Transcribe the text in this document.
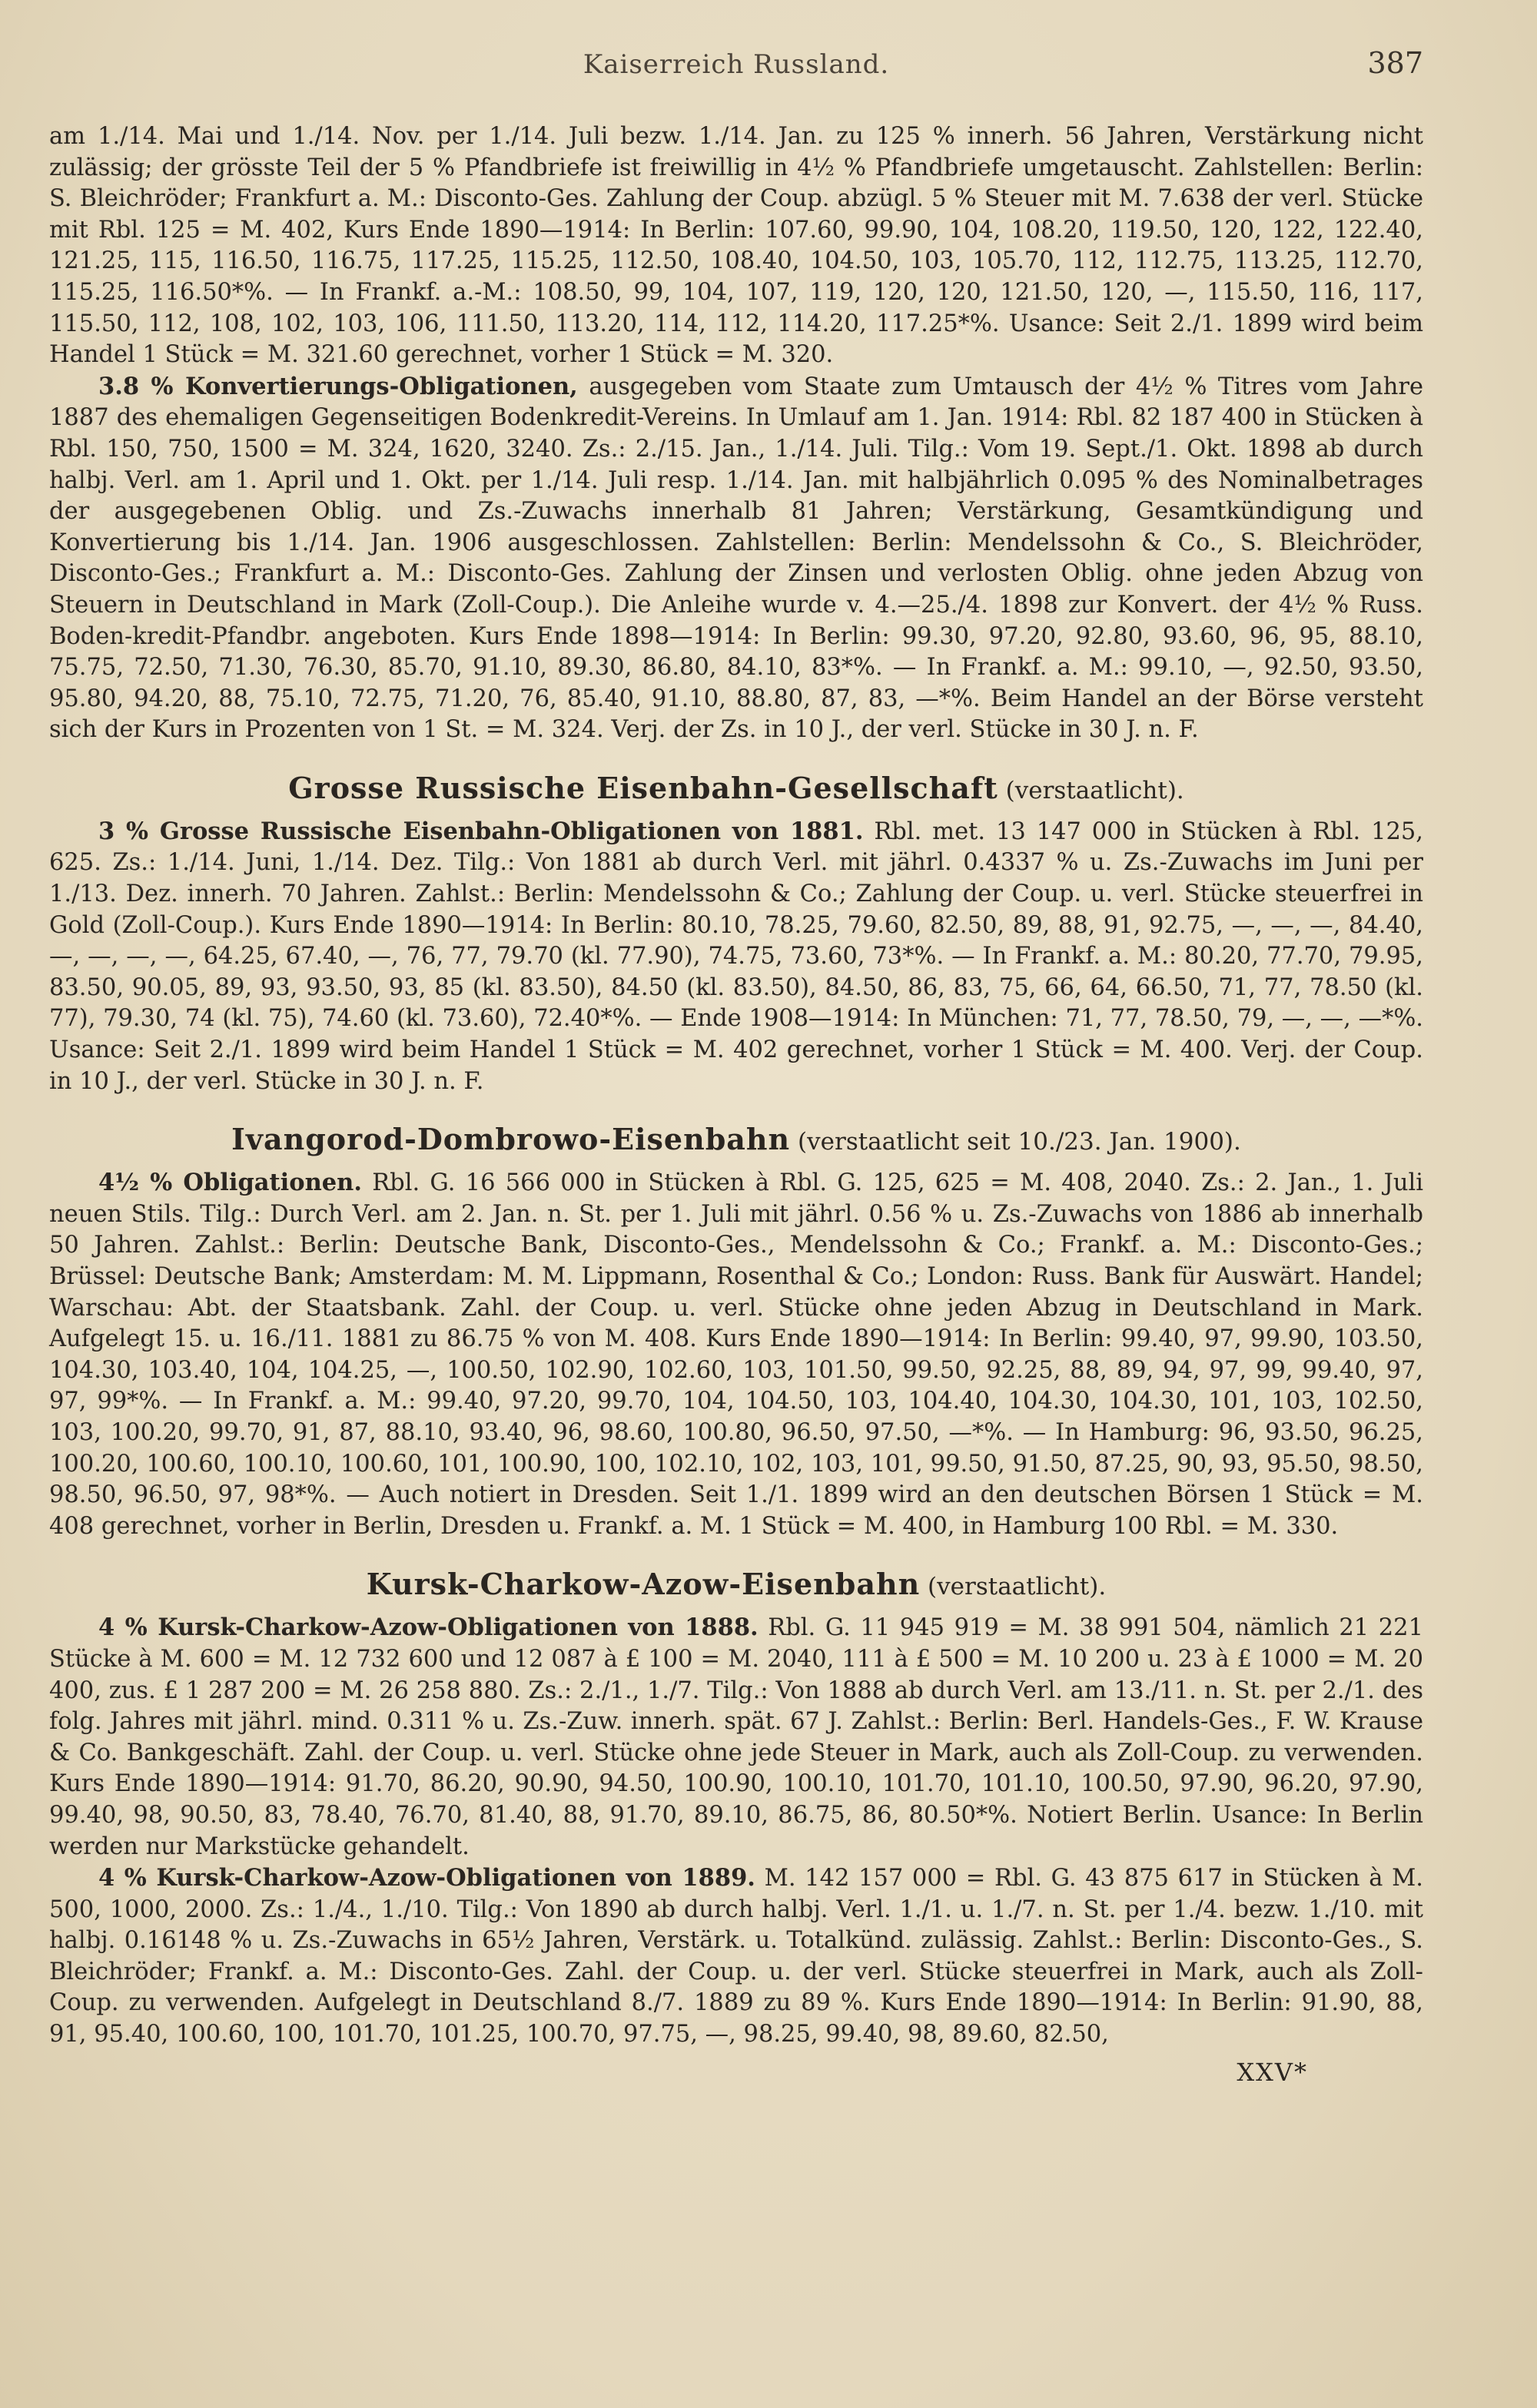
Kaiserreich Russland.	387

am 1./14. Mai und 1./14. Nov. per 1./14. Juli bezw. 1./14. Jan. zu 125 % innerh. 56 Jahren, Verstärkung nicht zulässig; der grösste Teil der 5 % Pfandbriefe ist freiwillig in 4½ % Pfandbriefe umgetauscht. Zahlstellen: Berlin: S. Bleichröder; Frankfurt a. M.: Disconto-Ges. Zahlung der Coup. abzügl. 5 % Steuer mit M. 7.638 der verl. Stücke mit Rbl. 125 = M. 402, Kurs Ende 1890—1914: In Berlin: 107.60, 99.90, 104, 108.20, 119.50, 120, 122, 122.40, 121.25, 115, 116.50, 116.75, 117.25, 115.25, 112.50, 108.40, 104.50, 103, 105.70, 112, 112.75, 113.25, 112.70, 115.25, 116.50*%. — In Frankf. a.-M.: 108.50, 99, 104, 107, 119, 120, 120, 121.50, 120, —, 115.50, 116, 117, 115.50, 112, 108, 102, 103, 106, 111.50, 113.20, 114, 112, 114.20, 117.25*%. Usance: Seit 2./1. 1899 wird beim Handel 1 Stück = M. 321.60 gerechnet, vorher 1 Stück = M. 320.

3.8 % Konvertierungs-Obligationen, ausgegeben vom Staate zum Umtausch der 4½ % Titres vom Jahre 1887 des ehemaligen Gegenseitigen Bodenkredit-Vereins. In Umlauf am 1. Jan. 1914: Rbl. 82 187 400 in Stücken à Rbl. 150, 750, 1500 = M. 324, 1620, 3240. Zs.: 2./15. Jan., 1./14. Juli. Tilg.: Vom 19. Sept./1. Okt. 1898 ab durch halbj. Verl. am 1. April und 1. Okt. per 1./14. Juli resp. 1./14. Jan. mit halbjährlich 0.095 % des Nominalbetrages der ausgegebenen Oblig. und Zs.-Zuwachs innerhalb 81 Jahren; Verstärkung, Gesamtkündigung und Konvertierung bis 1./14. Jan. 1906 ausgeschlossen. Zahlstellen: Berlin: Mendelssohn & Co., S. Bleichröder, Disconto-Ges.; Frankfurt a. M.: Disconto-Ges. Zahlung der Zinsen und verlosten Oblig. ohne jeden Abzug von Steuern in Deutschland in Mark (Zoll-Coup.). Die Anleihe wurde v. 4.—25./4. 1898 zur Konvert. der 4½ % Russ. Boden-kredit-Pfandbr. angeboten. Kurs Ende 1898—1914: In Berlin: 99.30, 97.20, 92.80, 93.60, 96, 95, 88.10, 75.75, 72.50, 71.30, 76.30, 85.70, 91.10, 89.30, 86.80, 84.10, 83*%. — In Frankf. a. M.: 99.10, —, 92.50, 93.50, 95.80, 94.20, 88, 75.10, 72.75, 71.20, 76, 85.40, 91.10, 88.80, 87, 83, —*%. Beim Handel an der Börse versteht sich der Kurs in Prozenten von 1 St. = M. 324. Verj. der Zs. in 10 J., der verl. Stücke in 30 J. n. F.

Grosse Russische Eisenbahn-Gesellschaft (verstaatlicht).

3 % Grosse Russische Eisenbahn-Obligationen von 1881. Rbl. met. 13 147 000 in Stücken à Rbl. 125, 625. Zs.: 1./14. Juni, 1./14. Dez. Tilg.: Von 1881 ab durch Verl. mit jährl. 0.4337 % u. Zs.-Zuwachs im Juni per 1./13. Dez. innerh. 70 Jahren. Zahlst.: Berlin: Mendelssohn & Co.; Zahlung der Coup. u. verl. Stücke steuerfrei in Gold (Zoll-Coup.). Kurs Ende 1890—1914: In Berlin: 80.10, 78.25, 79.60, 82.50, 89, 88, 91, 92.75, —, —, —, 84.40, —, —, —, —, 64.25, 67.40, —, 76, 77, 79.70 (kl. 77.90), 74.75, 73.60, 73*%. — In Frankf. a. M.: 80.20, 77.70, 79.95, 83.50, 90.05, 89, 93, 93.50, 93, 85 (kl. 83.50), 84.50 (kl. 83.50), 84.50, 86, 83, 75, 66, 64, 66.50, 71, 77, 78.50 (kl. 77), 79.30, 74 (kl. 75), 74.60 (kl. 73.60), 72.40*%. — Ende 1908—1914: In München: 71, 77, 78.50, 79, —, —, —*%. Usance: Seit 2./1. 1899 wird beim Handel 1 Stück = M. 402 gerechnet, vorher 1 Stück = M. 400. Verj. der Coup. in 10 J., der verl. Stücke in 30 J. n. F.

Ivangorod-Dombrowo-Eisenbahn (verstaatlicht seit 10./23. Jan. 1900).

4½ % Obligationen. Rbl. G. 16 566 000 in Stücken à Rbl. G. 125, 625 = M. 408, 2040. Zs.: 2. Jan., 1. Juli neuen Stils. Tilg.: Durch Verl. am 2. Jan. n. St. per 1. Juli mit jährl. 0.56 % u. Zs.-Zuwachs von 1886 ab innerhalb 50 Jahren. Zahlst.: Berlin: Deutsche Bank, Disconto-Ges., Mendelssohn & Co.; Frankf. a. M.: Disconto-Ges.; Brüssel: Deutsche Bank; Amsterdam: M. M. Lippmann, Rosenthal & Co.; London: Russ. Bank für Auswärt. Handel; Warschau: Abt. der Staatsbank. Zahl. der Coup. u. verl. Stücke ohne jeden Abzug in Deutschland in Mark. Aufgelegt 15. u. 16./11. 1881 zu 86.75 % von M. 408. Kurs Ende 1890—1914: In Berlin: 99.40, 97, 99.90, 103.50, 104.30, 103.40, 104, 104.25, —, 100.50, 102.90, 102.60, 103, 101.50, 99.50, 92.25, 88, 89, 94, 97, 99, 99.40, 97, 97, 99*%. — In Frankf. a. M.: 99.40, 97.20, 99.70, 104, 104.50, 103, 104.40, 104.30, 104.30, 101, 103, 102.50, 103, 100.20, 99.70, 91, 87, 88.10, 93.40, 96, 98.60, 100.80, 96.50, 97.50, —*%. — In Hamburg: 96, 93.50, 96.25, 100.20, 100.60, 100.10, 100.60, 101, 100.90, 100, 102.10, 102, 103, 101, 99.50, 91.50, 87.25, 90, 93, 95.50, 98.50, 98.50, 96.50, 97, 98*%. — Auch notiert in Dresden. Seit 1./1. 1899 wird an den deutschen Börsen 1 Stück = M. 408 gerechnet, vorher in Berlin, Dresden u. Frankf. a. M. 1 Stück = M. 400, in Hamburg 100 Rbl. = M. 330.

Kursk-Charkow-Azow-Eisenbahn (verstaatlicht).

4 % Kursk-Charkow-Azow-Obligationen von 1888. Rbl. G. 11 945 919 = M. 38 991 504, nämlich 21 221 Stücke à M. 600 = M. 12 732 600 und 12 087 à £ 100 = M. 2040, 111 à £ 500 = M. 10 200 u. 23 à £ 1000 = M. 20 400, zus. £ 1 287 200 = M. 26 258 880. Zs.: 2./1., 1./7. Tilg.: Von 1888 ab durch Verl. am 13./11. n. St. per 2./1. des folg. Jahres mit jährl. mind. 0.311 % u. Zs.-Zuw. innerh. spät. 67 J. Zahlst.: Berlin: Berl. Handels-Ges., F. W. Krause & Co. Bankgeschäft. Zahl. der Coup. u. verl. Stücke ohne jede Steuer in Mark, auch als Zoll-Coup. zu verwenden. Kurs Ende 1890—1914: 91.70, 86.20, 90.90, 94.50, 100.90, 100.10, 101.70, 101.10, 100.50, 97.90, 96.20, 97.90, 99.40, 98, 90.50, 83, 78.40, 76.70, 81.40, 88, 91.70, 89.10, 86.75, 86, 80.50*%. Notiert Berlin. Usance: In Berlin werden nur Markstücke gehandelt.

4 % Kursk-Charkow-Azow-Obligationen von 1889. M. 142 157 000 = Rbl. G. 43 875 617 in Stücken à M. 500, 1000, 2000. Zs.: 1./4., 1./10. Tilg.: Von 1890 ab durch halbj. Verl. 1./1. u. 1./7. n. St. per 1./4. bezw. 1./10. mit halbj. 0.16148 % u. Zs.-Zuwachs in 65½ Jahren, Verstärk. u. Totalkünd. zulässig. Zahlst.: Berlin: Disconto-Ges., S. Bleichröder; Frankf. a. M.: Disconto-Ges. Zahl. der Coup. u. der verl. Stücke steuerfrei in Mark, auch als Zoll-Coup. zu verwenden. Aufgelegt in Deutschland 8./7. 1889 zu 89 %. Kurs Ende 1890—1914: In Berlin: 91.90, 88, 91, 95.40, 100.60, 100, 101.70, 101.25, 100.70, 97.75, —, 98.25, 99.40, 98, 89.60, 82.50,

XXV*
